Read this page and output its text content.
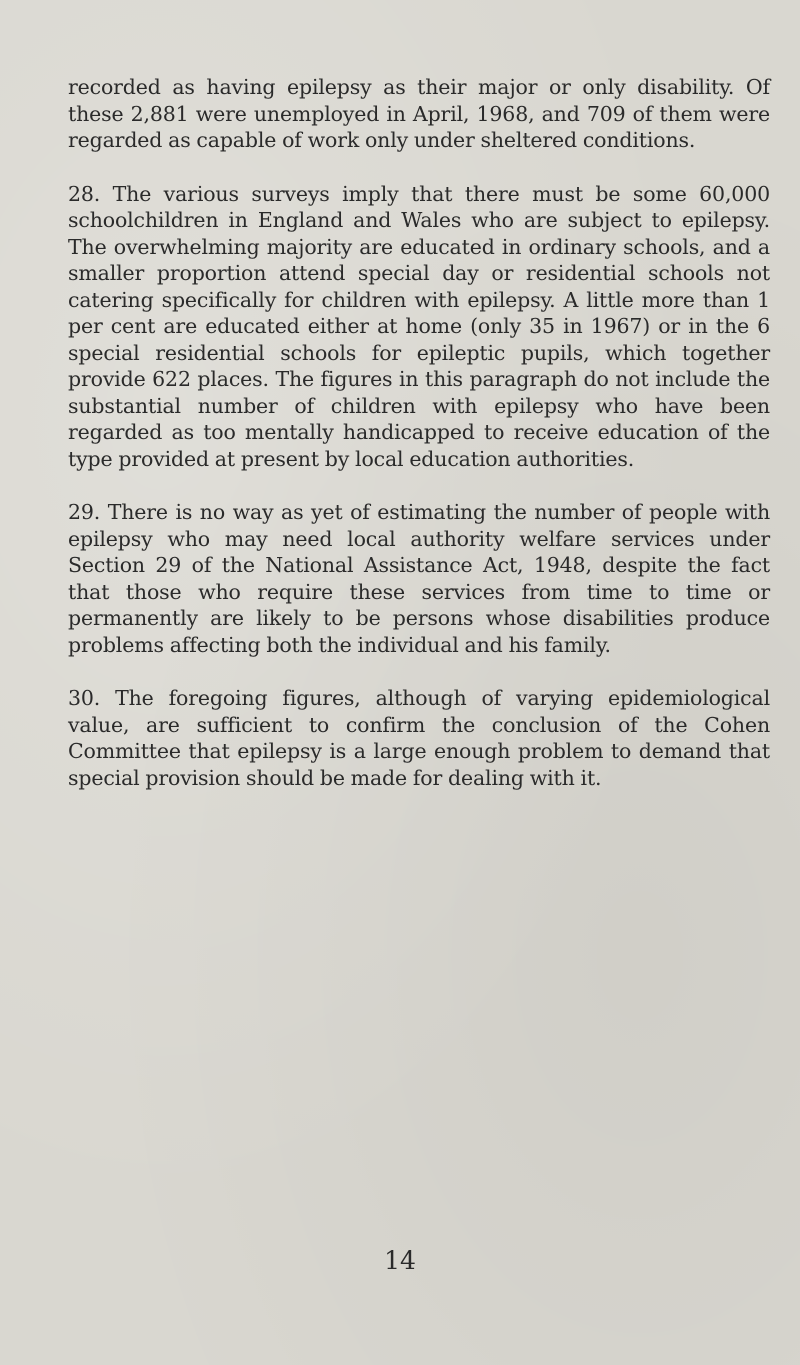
recorded as having epilepsy as their major or only disability. Of these 2,881 were unemployed in April, 1968, and 709 of them were regarded as capable of work only under sheltered conditions.

28. The various surveys imply that there must be some 60,000 schoolchildren in England and Wales who are subject to epilepsy. The overwhelming majority are educated in ordinary schools, and a smaller proportion attend special day or residential schools not catering specifically for children with epilepsy. A little more than 1 per cent are educated either at home (only 35 in 1967) or in the 6 special residential schools for epileptic pupils, which together provide 622 places. The figures in this paragraph do not include the substantial number of children with epilepsy who have been regarded as too mentally handicapped to receive education of the type provided at present by local education authorities.

29. There is no way as yet of estimating the number of people with epilepsy who may need local authority welfare services under Section 29 of the National Assistance Act, 1948, despite the fact that those who require these services from time to time or permanently are likely to be persons whose disabilities produce problems affecting both the individual and his family.

30. The foregoing figures, although of varying epidemiological value, are sufficient to confirm the conclusion of the Cohen Committee that epilepsy is a large enough problem to demand that special provision should be made for dealing with it.

14
